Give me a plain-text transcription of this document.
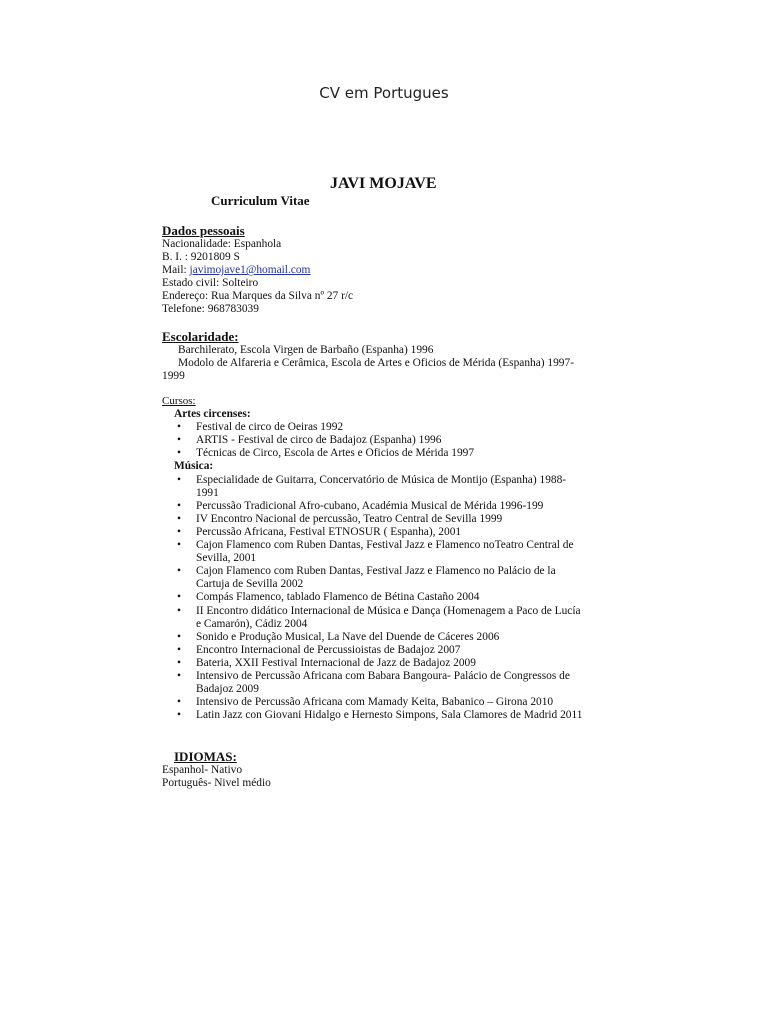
CV em Portugues
JAVI MOJAVE
Curriculum Vitae
Dados pessoais
Nacionalidade: Espanhola
B. I. : 9201809 S
Mail: javimojave1@homail.com
Estado civil: Solteiro
Endereço: Rua Marques da Silva nº 27 r/c
Telefone: 968783039
Escolaridade:
Barchilerato, Escola Virgen de Barbaño (Espanha) 1996
Modolo de Alfareria e Cerâmica, Escola de Artes e Oficios de Mérida (Espanha) 1997-
1999
Cursos:
Artes circenses:
• Festival de circo de Oeiras 1992
• ARTIS - Festival de circo de Badajoz (Espanha) 1996
• Técnicas de Circo, Escola de Artes e Oficios de Mérida 1997
Música:
• Especialidade de Guitarra, Concervatório de Música de Montijo (Espanha) 1988-
1991
• Percussão Tradicional Afro-cubano, Académia Musical de Mérida 1996-199
• IV Encontro Nacional de percussão, Teatro Central de Sevilla 1999
• Percussão Africana, Festival ETNOSUR ( Espanha), 2001
• Cajon Flamenco com Ruben Dantas, Festival Jazz e Flamenco noTeatro Central de
Sevilla, 2001
• Cajon Flamenco com Ruben Dantas, Festival Jazz e Flamenco no Palácio de la
Cartuja de Sevilla 2002
• Compás Flamenco, tablado Flamenco de Bétina Castaño 2004
• II Encontro didático Internacional de Música e Dança (Homenagem a Paco de Lucía
e Camarón), Cádiz 2004
• Sonido e Produção Musical, La Nave del Duende de Cáceres 2006
• Encontro Internacional de Percussioistas de Badajoz 2007
• Bateria, XXII Festival Internacional de Jazz de Badajoz 2009
• Intensivo de Percussão Africana com Babara Bangoura- Palácio de Congressos de
Badajoz 2009
• Intensivo de Percussão Africana com Mamady Keita, Babanico – Girona 2010
• Latin Jazz con Giovani Hidalgo e Hernesto Simpons, Sala Clamores de Madrid 2011
IDIOMAS:
Espanhol- Nativo
Português- Nivel médio
